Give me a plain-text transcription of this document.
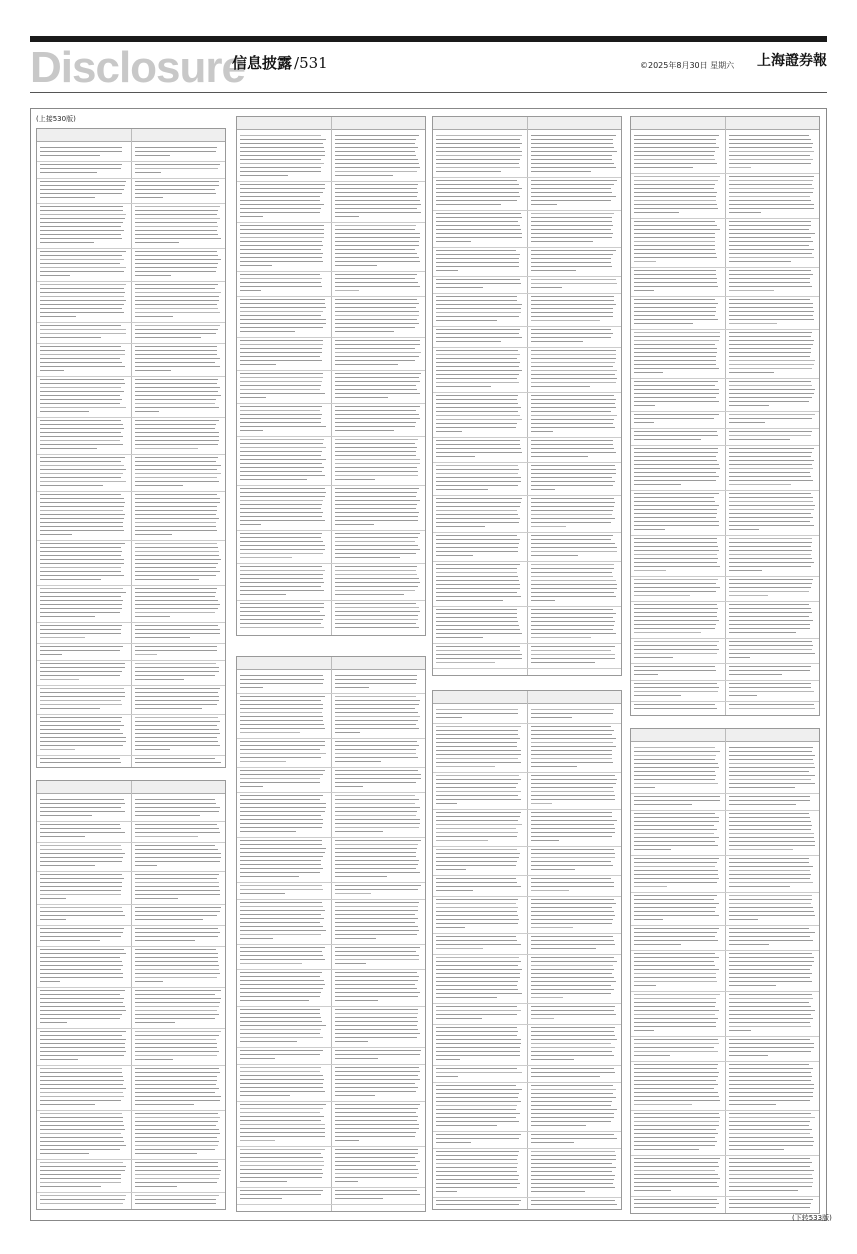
Disclosure
信息披露 /531	©2025年8月30日 星期六	上海證券報
(上接530版)
(下转533版)
